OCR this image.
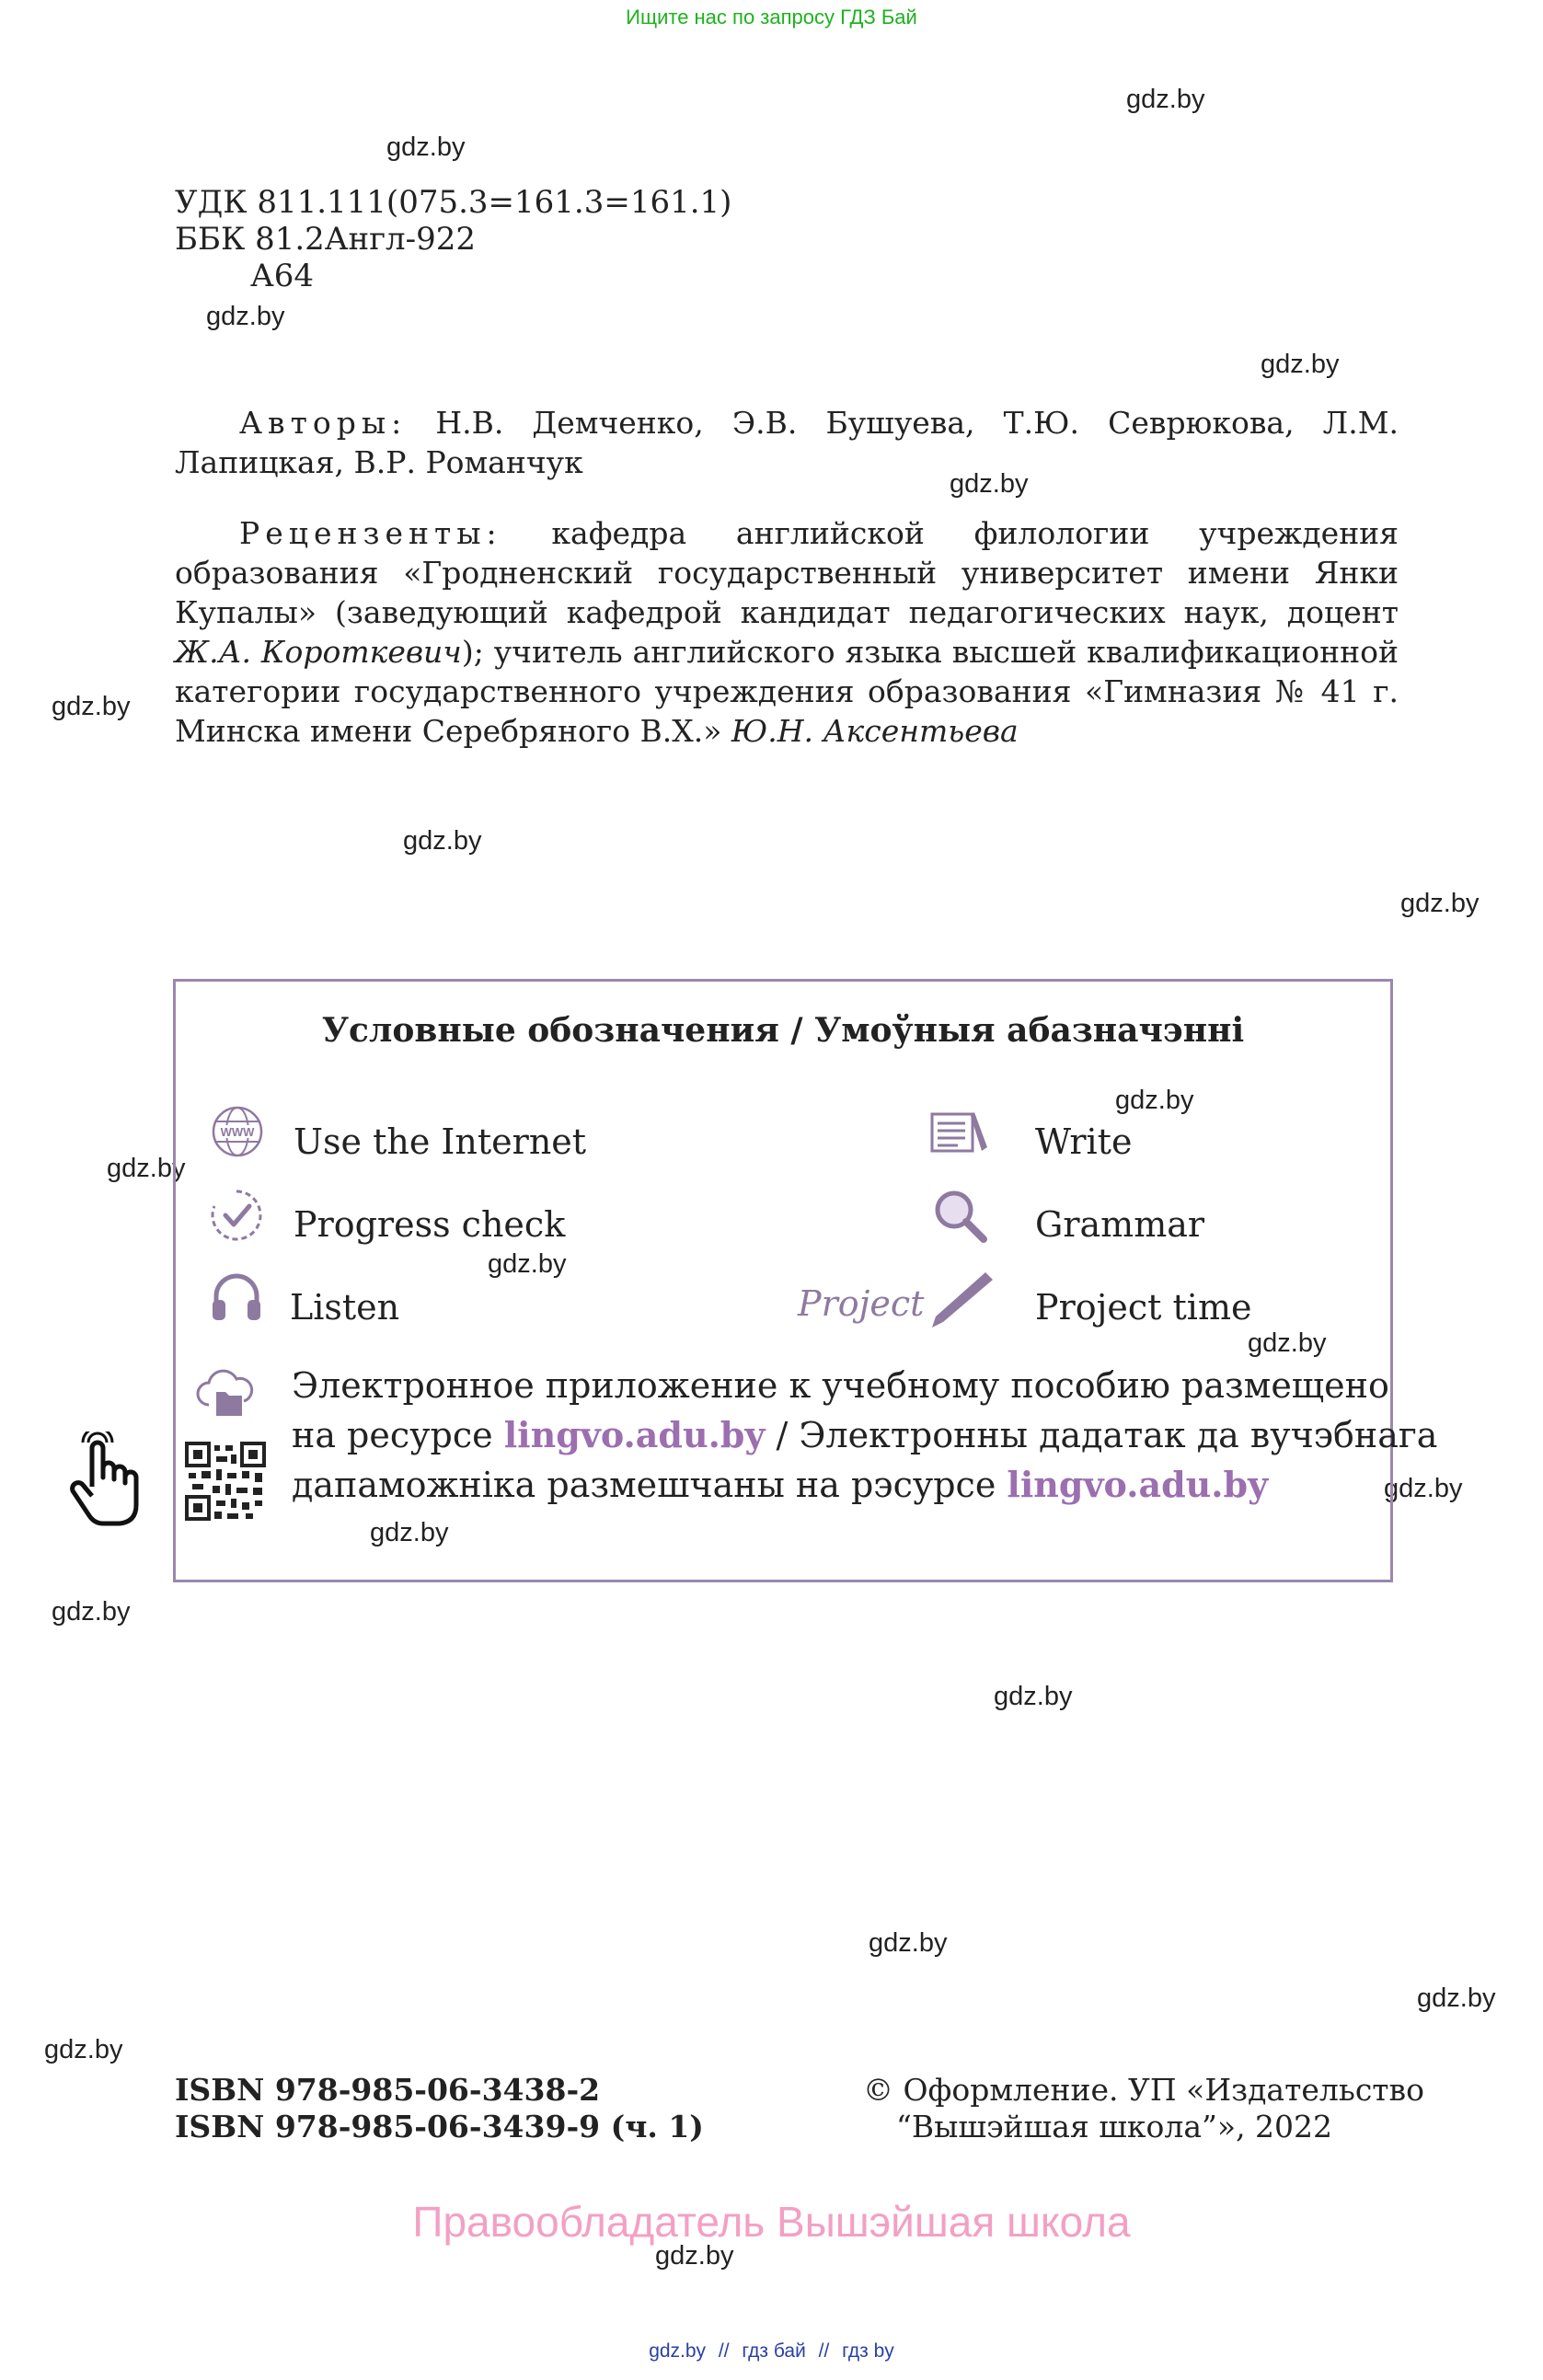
Ищите нас по запросу ГДЗ Бай
gdz.by
gdz.by
gdz.by
gdz.by
gdz.by
gdz.by
gdz.by
gdz.by
gdz.by
gdz.by
gdz.by
gdz.by
gdz.by
gdz.by
gdz.by
gdz.by
gdz.by
gdz.by
gdz.by
gdz.by
УДК 811.111(075.3=161.3=161.1)
ББК 81.2Англ-922
А64
Авторы: Н.В. Демченко, Э.В. Бушуева, Т.Ю. Севрюкова, Л.М. Лапицкая, В.Р. Романчук
Рецензенты: кафедра английской филологии учреждения образования «Гродненский государственный университет имени Янки Купалы» (заведующий кафедрой кандидат педагогических наук, доцент Ж.А. Короткевич); учитель английского языка высшей квалификационной категории государственного учреждения образования «Гимназия № 41 г. Минска имени Серебряного В.Х.» Ю.Н. Аксентьева
Условные обозначения / Умоўныя абазначэнні
WWW Use the Internet
Progress check
Listen
Write
Grammar
Project	Project time
Электронное приложение к учебному пособию размещено
на ресурсе lingvo.adu.by / Электронны дадатак да вучэбнага
дапаможніка размешчаны на рэсурсе lingvo.adu.by
ISBN 978-985-06-3438-2
ISBN 978-985-06-3439-9 (ч. 1)
© Оформление. УП «Издательство
“Вышэйшая школа”», 2022
Правообладатель Вышэйшая школа
gdz.by // гдз бай // гдз by
